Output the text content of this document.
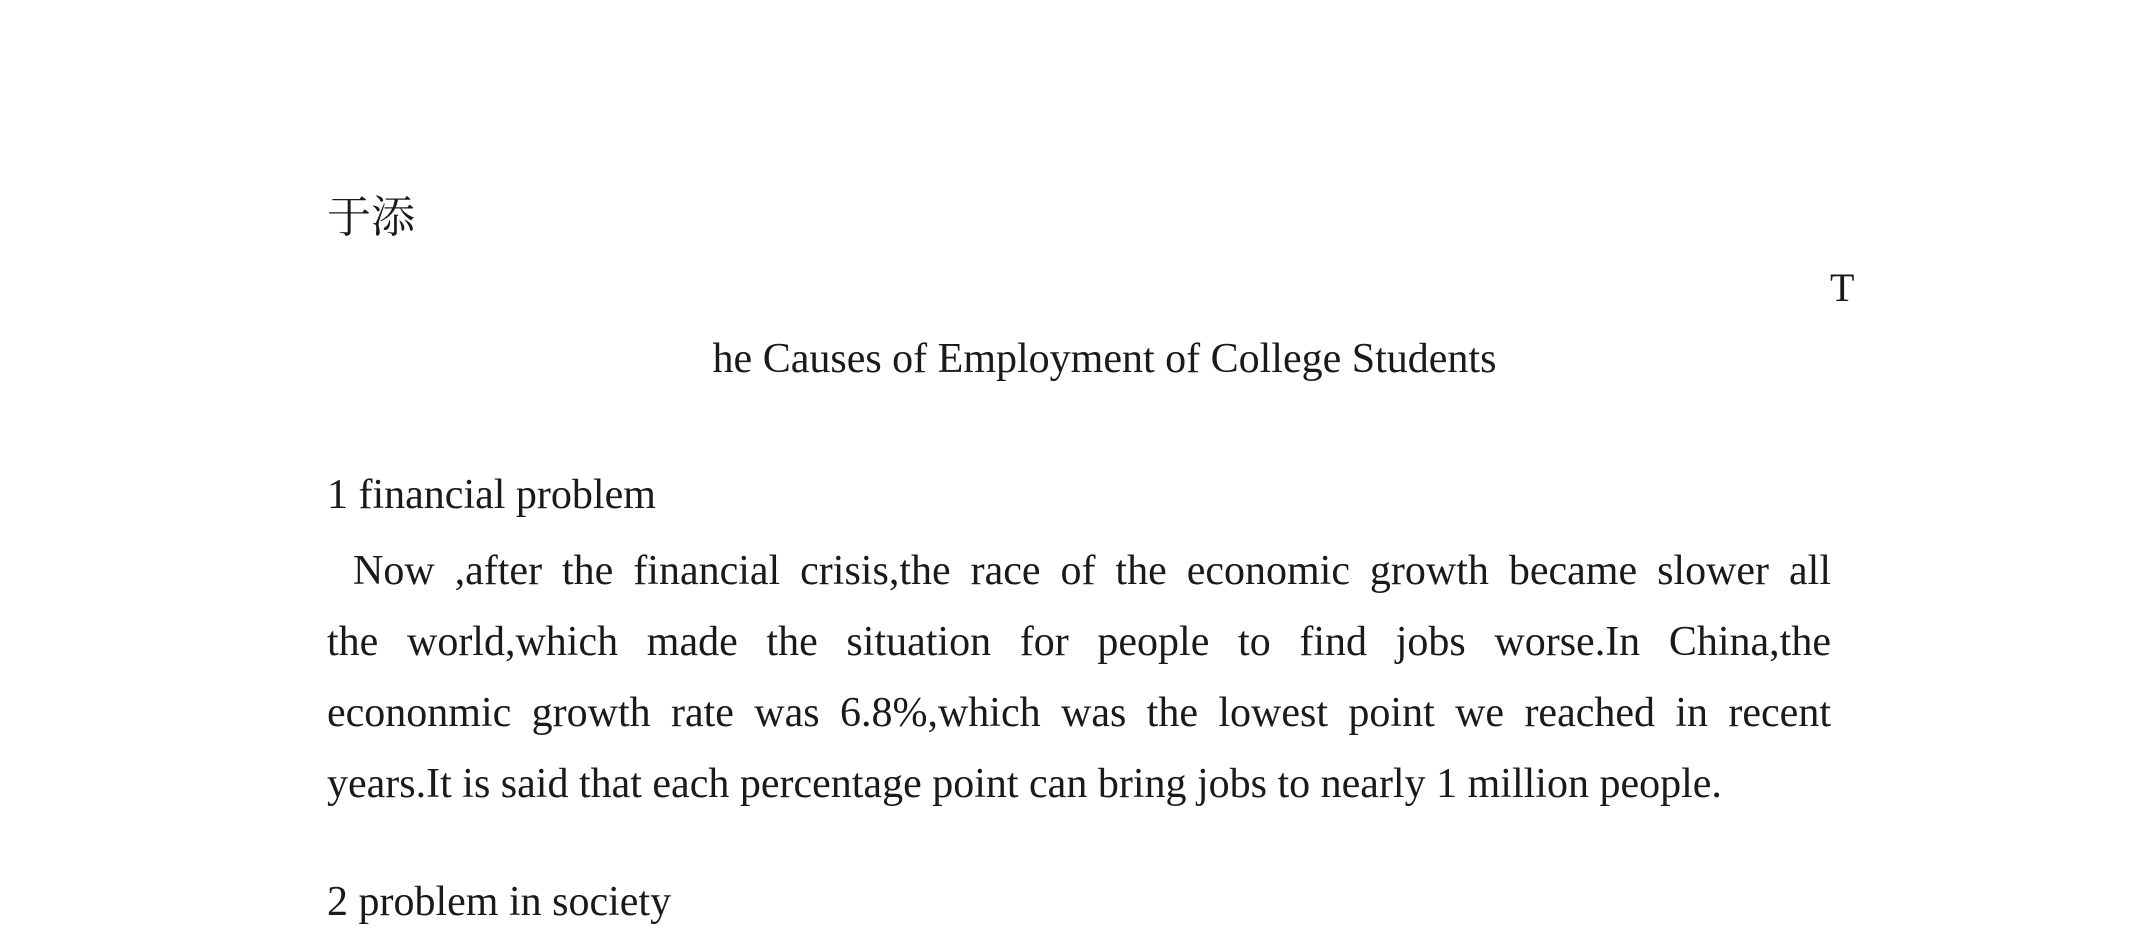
于添
T
he Causes of Employment of College Students
1 financial problem
Now ,after the financial crisis,the race of the economic growth became slower all
the world,which made the situation for people to find jobs worse.In China,the
econonmic growth rate was 6.8%,which was the lowest point we reached in recent
years.It is said that each percentage point can bring jobs to nearly 1 million people.
2 problem in society
